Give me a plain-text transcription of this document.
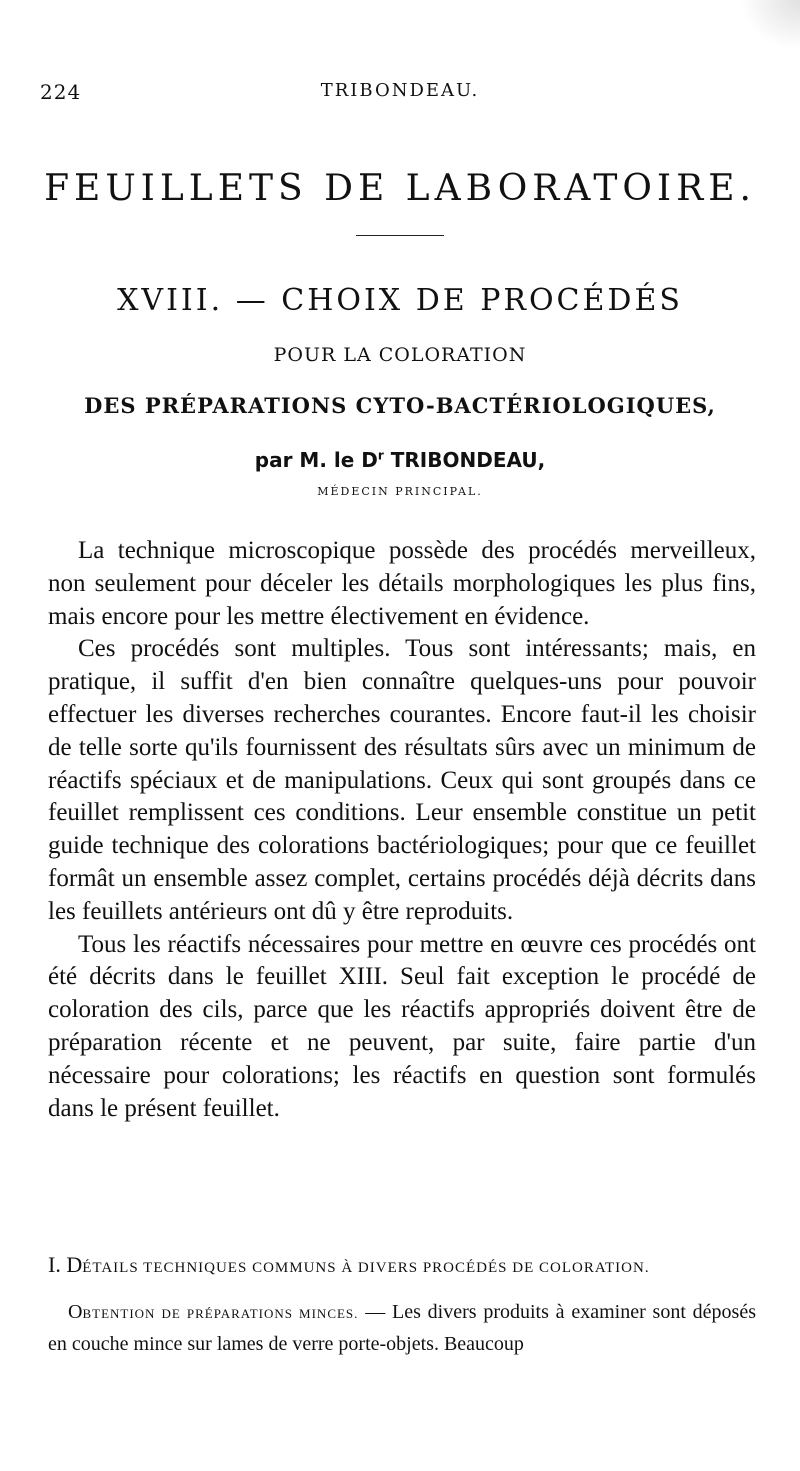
224	TRIBONDEAU.
FEUILLETS DE LABORATOIRE.
XVIII. — CHOIX DE PROCÉDÉS
POUR LA COLORATION
DES PRÉPARATIONS CYTO-BACTÉRIOLOGIQUES,
par M. le $D^r$ TRIBONDEAU,
MÉDECIN PRINCIPAL.

La technique microscopique possède des procédés merveilleux, non seulement pour déceler les détails morphologiques les plus fins, mais encore pour les mettre électivement en évidence.

Ces procédés sont multiples. Tous sont intéressants; mais, en pratique, il suffit d'en bien connaître quelques-uns pour pouvoir effectuer les diverses recherches courantes. Encore faut-il les choisir de telle sorte qu'ils fournissent des résultats sûrs avec un minimum de réactifs spéciaux et de manipulations. Ceux qui sont groupés dans ce feuillet remplissent ces conditions. Leur ensemble constitue un petit guide technique des colorations bactériologiques; pour que ce feuillet formât un ensemble assez complet, certains procédés déjà décrits dans les feuillets antérieurs ont dû y être reproduits.

Tous les réactifs nécessaires pour mettre en œuvre ces procédés ont été décrits dans le feuillet XIII. Seul fait exception le procédé de coloration des cils, parce que les réactifs appropriés doivent être de préparation récente et ne peuvent, par suite, faire partie d'un nécessaire pour colorations; les réactifs en question sont formulés dans le présent feuillet.

I. DÉTAILS TECHNIQUES COMMUNS À DIVERS PROCÉDÉS DE COLORATION.

OBTENTION DE PRÉPARATIONS MINCES. — Les divers produits à examiner sont déposés en couche mince sur lames de verre porte-objets. Beaucoup
